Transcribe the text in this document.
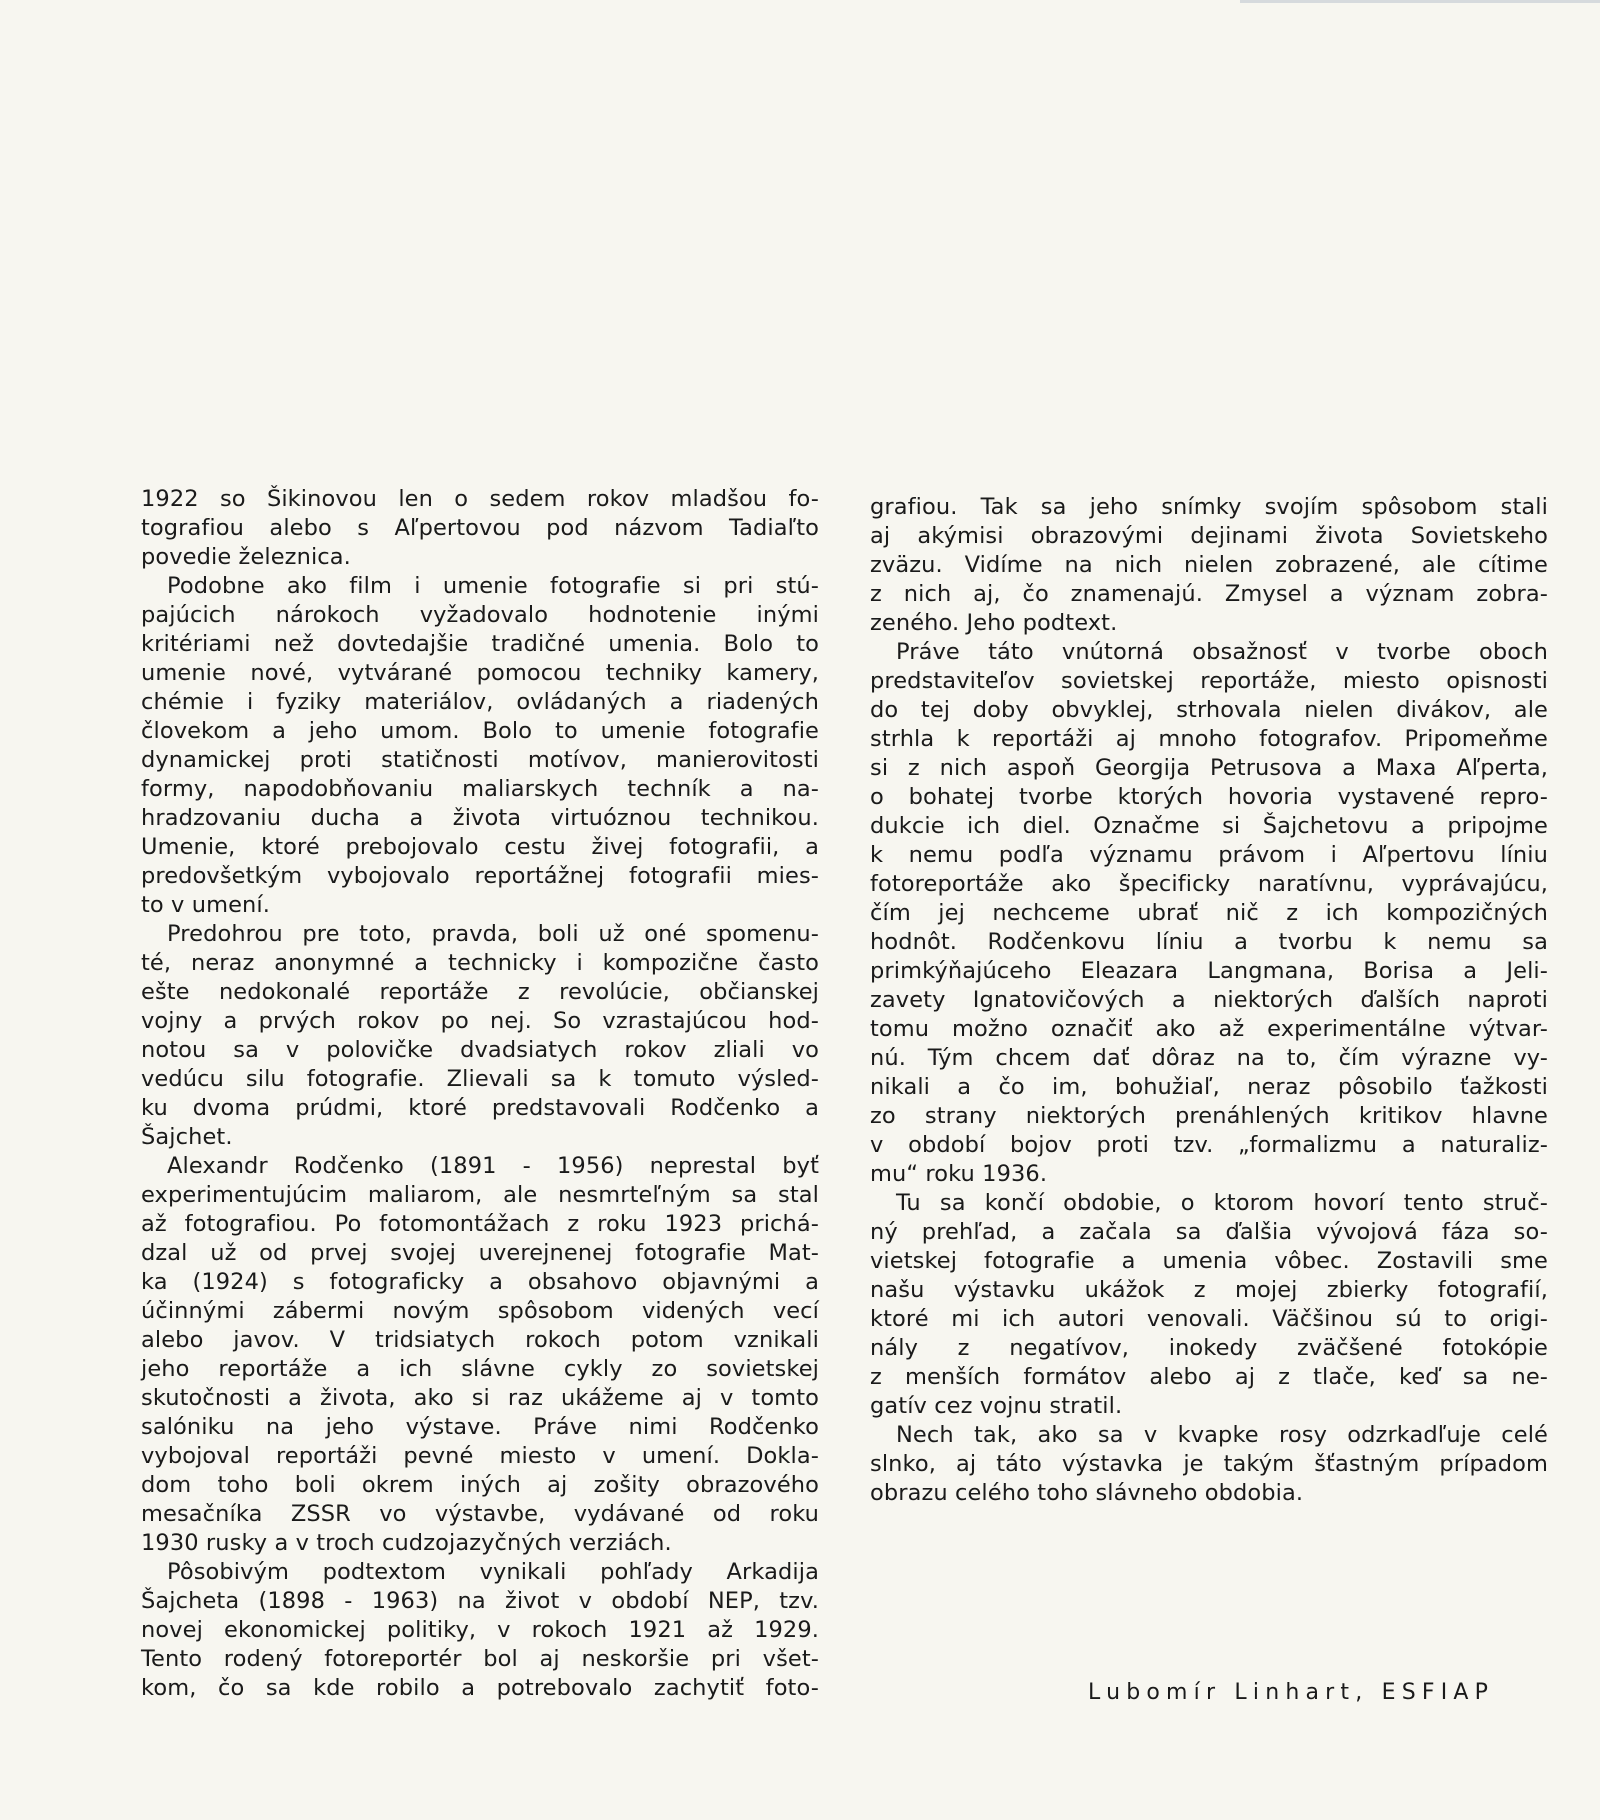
1922 so Šikinovou len o sedem rokov mladšou fo-
tografiou alebo s Aľpertovou pod názvom Tadiaľto
povedie železnica.
Podobne ako film i umenie fotografie si pri stú-
pajúcich nárokoch vyžadovalo hodnotenie inými
kritériami než dovtedajšie tradičné umenia. Bolo to
umenie nové, vytvárané pomocou techniky kamery,
chémie i fyziky materiálov, ovládaných a riadených
človekom a jeho umom. Bolo to umenie fotografie
dynamickej proti statičnosti motívov, manierovitosti
formy, napodobňovaniu maliarskych techník a na-
hradzovaniu ducha a života virtuóznou technikou.
Umenie, ktoré prebojovalo cestu živej fotografii, a
predovšetkým vybojovalo reportážnej fotografii mies-
to v umení.
Predohrou pre toto, pravda, boli už oné spomenu-
té, neraz anonymné a technicky i kompozične často
ešte nedokonalé reportáže z revolúcie, občianskej
vojny a prvých rokov po nej. So vzrastajúcou hod-
notou sa v polovičke dvadsiatych rokov zliali vo
vedúcu silu fotografie. Zlievali sa k tomuto výsled-
ku dvoma prúdmi, ktoré predstavovali Rodčenko a
Šajchet.
Alexandr Rodčenko (1891 - 1956) neprestal byť
experimentujúcim maliarom, ale nesmrteľným sa stal
až fotografiou. Po fotomontážach z roku 1923 prichá-
dzal už od prvej svojej uverejnenej fotografie Mat-
ka (1924) s fotograficky a obsahovo objavnými a
účinnými zábermi novým spôsobom videných vecí
alebo javov. V tridsiatych rokoch potom vznikali
jeho reportáže a ich slávne cykly zo sovietskej
skutočnosti a života, ako si raz ukážeme aj v tomto
salóniku na jeho výstave. Práve nimi Rodčenko
vybojoval reportáži pevné miesto v umení. Dokla-
dom toho boli okrem iných aj zošity obrazového
mesačníka ZSSR vo výstavbe, vydávané od roku
1930 rusky a v troch cudzojazyčných verziách.
Pôsobivým podtextom vynikali pohľady Arkadija
Šajcheta (1898 - 1963) na život v období NEP, tzv.
novej ekonomickej politiky, v rokoch 1921 až 1929.
Tento rodený fotoreportér bol aj neskoršie pri všet-
kom, čo sa kde robilo a potrebovalo zachytiť foto-
grafiou. Tak sa jeho snímky svojím spôsobom stali
aj akýmisi obrazovými dejinami života Sovietskeho
zväzu. Vidíme na nich nielen zobrazené, ale cítime
z nich aj, čo znamenajú. Zmysel a význam zobra-
zeného. Jeho podtext.
Práve táto vnútorná obsažnosť v tvorbe oboch
predstaviteľov sovietskej reportáže, miesto opisnosti
do tej doby obvyklej, strhovala nielen divákov, ale
strhla k reportáži aj mnoho fotografov. Pripomeňme
si z nich aspoň Georgija Petrusova a Maxa Aľperta,
o bohatej tvorbe ktorých hovoria vystavené repro-
dukcie ich diel. Označme si Šajchetovu a pripojme
k nemu podľa významu právom i Aľpertovu líniu
fotoreportáže ako špecificky naratívnu, vyprávajúcu,
čím jej nechceme ubrať nič z ich kompozičných
hodnôt. Rodčenkovu líniu a tvorbu k nemu sa
primkýňajúceho Eleazara Langmana, Borisa a Jeli-
zavety Ignatovičových a niektorých ďalších naproti
tomu možno označiť ako až experimentálne výtvar-
nú. Tým chcem dať dôraz na to, čím výrazne vy-
nikali a čo im, bohužiaľ, neraz pôsobilo ťažkosti
zo strany niektorých prenáhlených kritikov hlavne
v období bojov proti tzv. „formalizmu a naturaliz-
mu“ roku 1936.
Tu sa končí obdobie, o ktorom hovorí tento struč-
ný prehľad, a začala sa ďalšia vývojová fáza so-
vietskej fotografie a umenia vôbec. Zostavili sme
našu výstavku ukážok z mojej zbierky fotografií,
ktoré mi ich autori venovali. Väčšinou sú to origi-
nály z negatívov, inokedy zväčšené fotokópie
z menších formátov alebo aj z tlače, keď sa ne-
gatív cez vojnu stratil.
Nech tak, ako sa v kvapke rosy odzrkadľuje celé
slnko, aj táto výstavka je takým šťastným prípadom
obrazu celého toho slávneho obdobia.
Lubomír Linhart, ESFIAP
